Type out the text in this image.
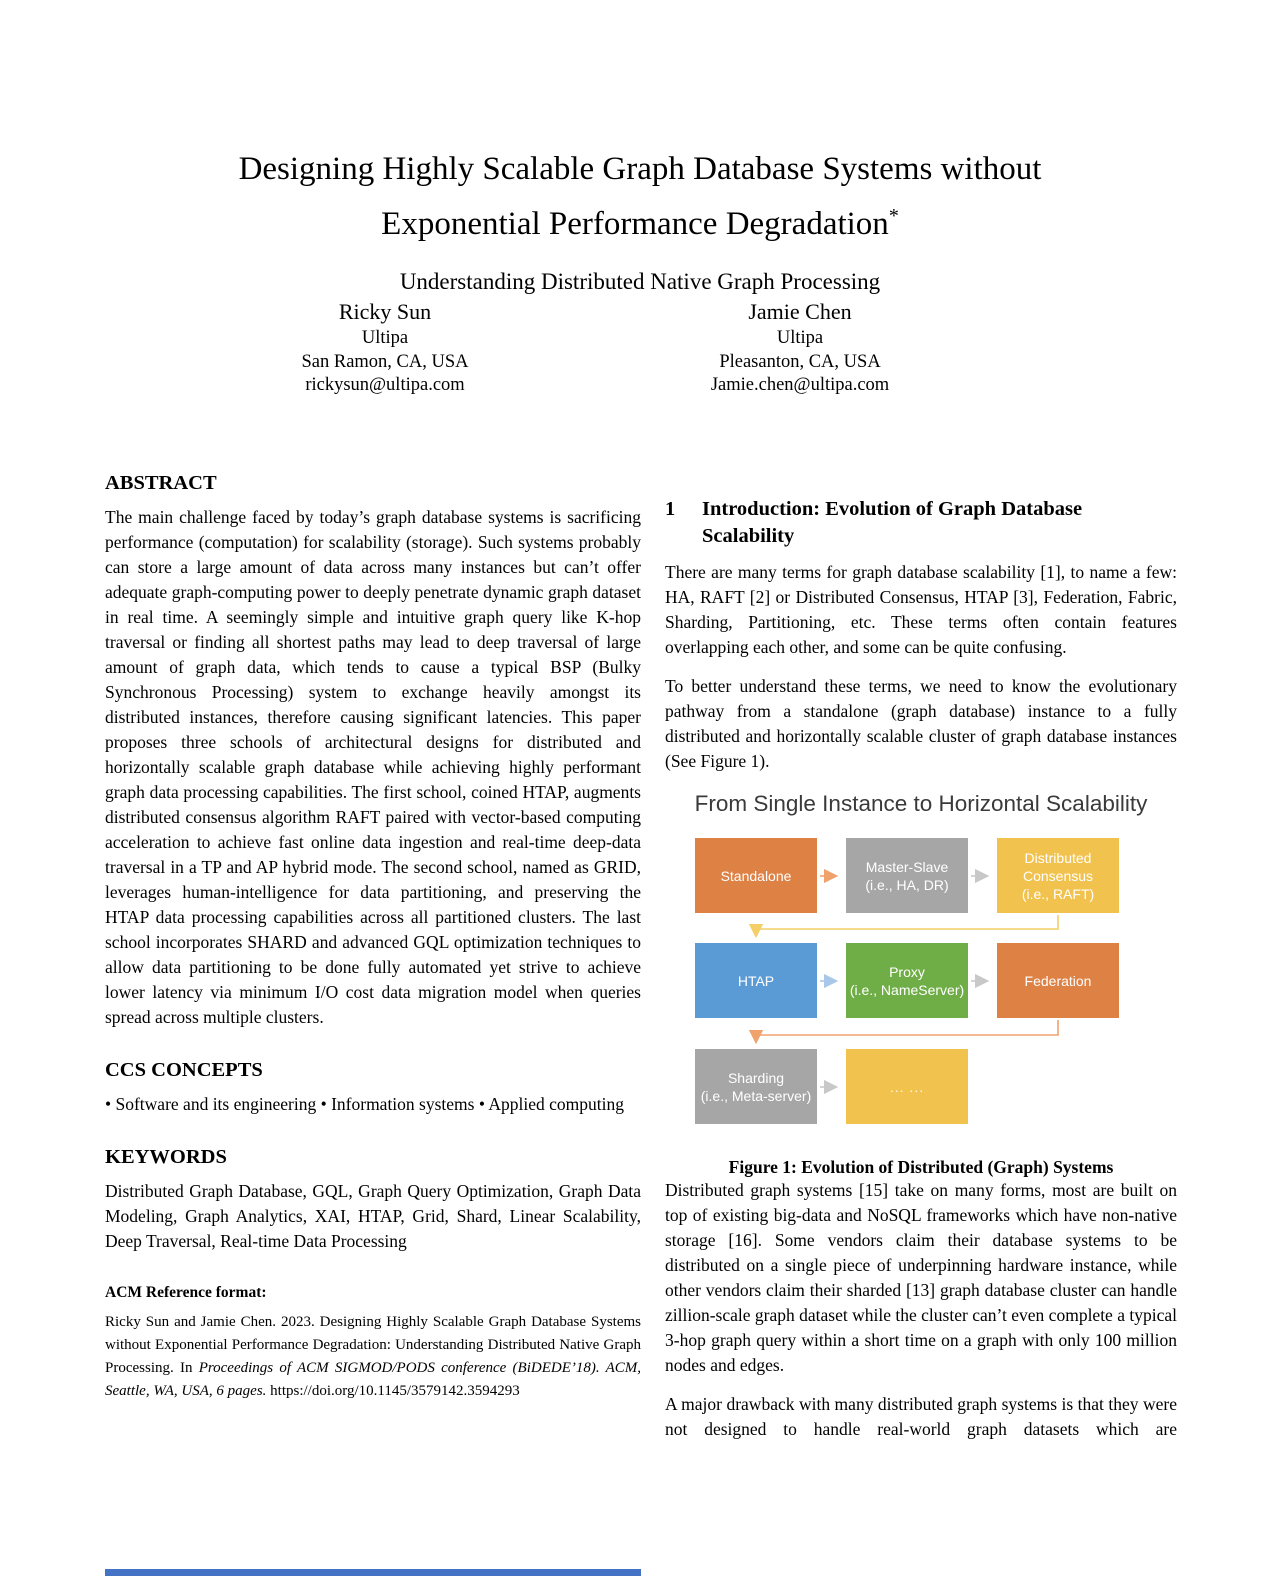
Designing Highly Scalable Graph Database Systems without
Exponential Performance Degradation*
Understanding Distributed Native Graph Processing
Ricky Sun
Ultipa
San Ramon, CA, USA
rickysun@ultipa.com
Jamie Chen
Ultipa
Pleasanton, CA, USA
Jamie.chen@ultipa.com
ABSTRACT

The main challenge faced by today’s graph database systems is sacrificing performance (computation) for scalability (storage). Such systems probably can store a large amount of data across many instances but can’t offer adequate graph-computing power to deeply penetrate dynamic graph dataset in real time. A seemingly simple and intuitive graph query like K-hop traversal or finding all shortest paths may lead to deep traversal of large amount of graph data, which tends to cause a typical BSP (Bulky Synchronous Processing) system to exchange heavily amongst its distributed instances, therefore causing significant latencies. This paper proposes three schools of architectural designs for distributed and horizontally scalable graph database while achieving highly performant graph data processing capabilities. The first school, coined HTAP, augments distributed consensus algorithm RAFT paired with vector-based computing acceleration to achieve fast online data ingestion and real-time deep-data traversal in a TP and AP hybrid mode. The second school, named as GRID, leverages human-intelligence for data partitioning, and preserving the HTAP data processing capabilities across all partitioned clusters. The last school incorporates SHARD and advanced GQL optimization techniques to allow data partitioning to be done fully automated yet strive to achieve lower latency via minimum I/O cost data migration model when queries spread across multiple clusters.

CCS CONCEPTS

• Software and its engineering • Information systems • Applied computing

KEYWORDS

Distributed Graph Database, GQL, Graph Query Optimization, Graph Data Modeling, Graph Analytics, XAI, HTAP, Grid, Shard, Linear Scalability, Deep Traversal, Real-time Data Processing

ACM Reference format:

Ricky Sun and Jamie Chen. 2023. Designing Highly Scalable Graph Database Systems without Exponential Performance Degradation: Understanding Distributed Native Graph Processing. In Proceedings of ACM SIGMOD/PODS conference (BiDEDE’18). ACM, Seattle, WA, USA, 6 pages. https://doi.org/10.1145/3579142.3594293

1 Introduction: Evolution of Graph Database Scalability

There are many terms for graph database scalability [1], to name a few: HA, RAFT [2] or Distributed Consensus, HTAP [3], Federation, Fabric, Sharding, Partitioning, etc. These terms often contain features overlapping each other, and some can be quite confusing.

To better understand these terms, we need to know the evolutionary pathway from a standalone (graph database) instance to a fully distributed and horizontally scalable cluster of graph database instances (See Figure 1).

From Single Instance to Horizontal Scalability
Standalone
Master-Slave
(i.e., HA, DR)
Distributed Consensus
(i.e., RAFT)
HTAP
Proxy
(i.e., NameServer)
Federation
Sharding
(i.e., Meta-server)
... ...
Figure 1: Evolution of Distributed (Graph) Systems

Distributed graph systems [15] take on many forms, most are built on top of existing big-data and NoSQL frameworks which have non-native storage [16]. Some vendors claim their database systems to be distributed on a single piece of underpinning hardware instance, while other vendors claim their sharded [13] graph database cluster can handle zillion-scale graph dataset while the cluster can’t even complete a typical 3-hop graph query within a short time on a graph with only 100 million nodes and edges.

A major drawback with many distributed graph systems is that they were not designed to handle real-world graph datasets which are
